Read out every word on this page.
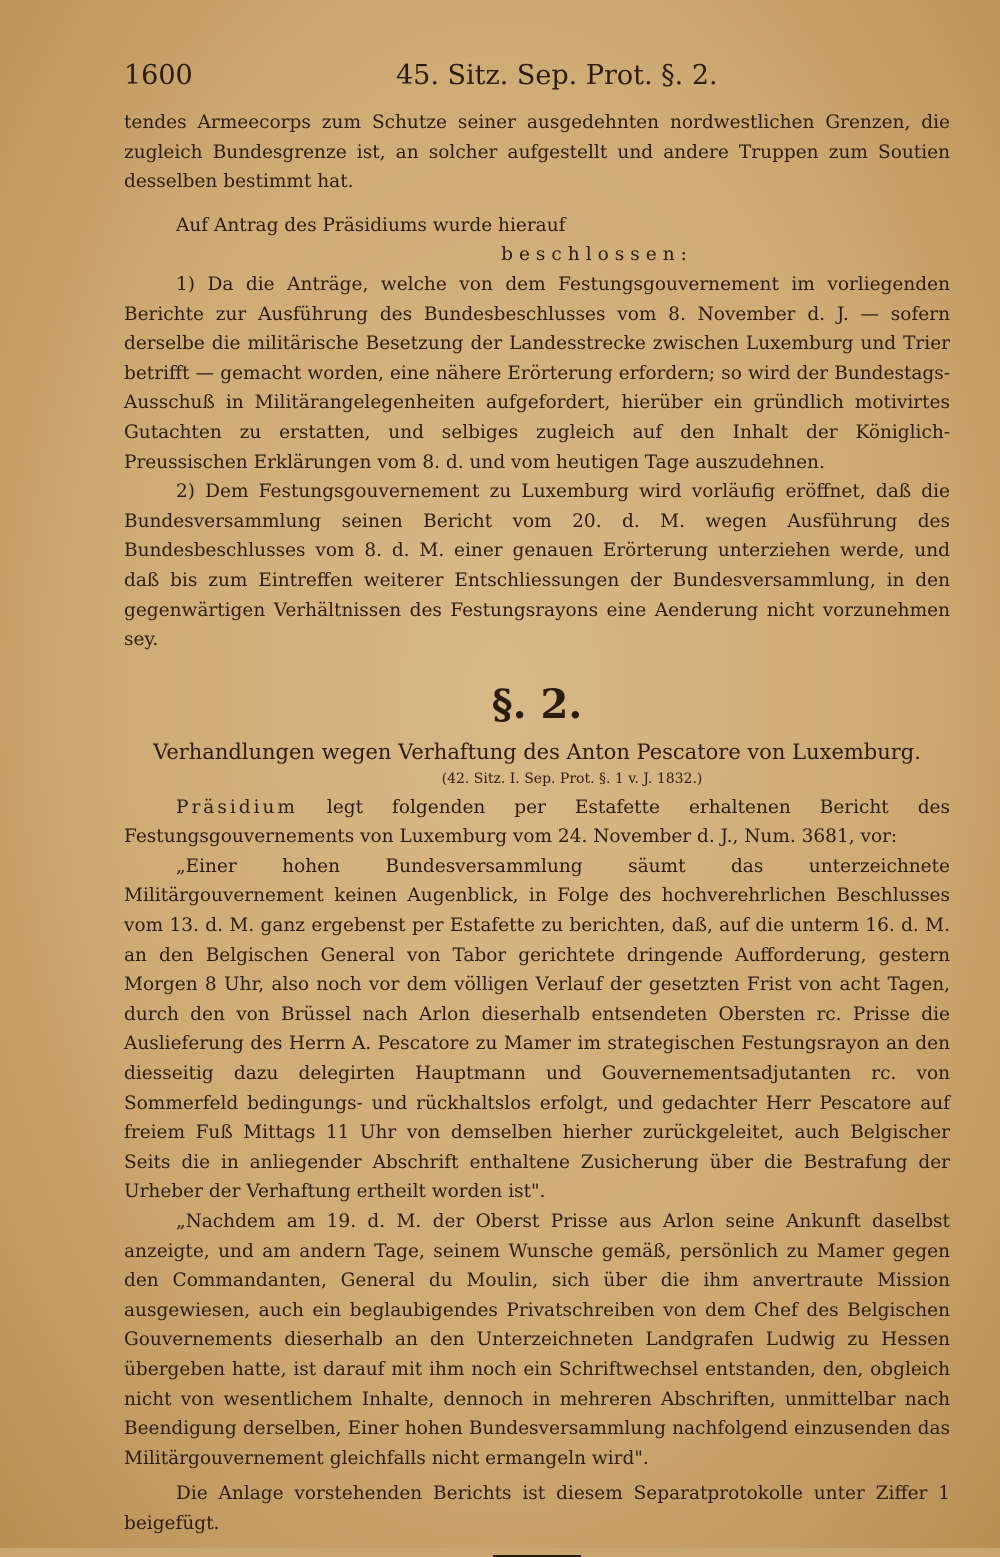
1600	45. Sitz. Sep. Prot. §. 2.

tendes Armeecorps zum Schutze seiner ausgedehnten nordwestlichen Grenzen, die zugleich Bundesgrenze ist, an solcher aufgestellt und andere Truppen zum Soutien desselben bestimmt hat.

Auf Antrag des Präsidiums wurde hierauf

beschlossen:

1) Da die Anträge, welche von dem Festungsgouvernement im vorliegenden Berichte zur Ausführung des Bundesbeschlusses vom 8. November d. J. — sofern derselbe die militärische Besetzung der Landesstrecke zwischen Luxemburg und Trier betrifft — gemacht worden, eine nähere Erörterung erfordern; so wird der Bundestags-Ausschuß in Militärangelegenheiten aufgefordert, hierüber ein gründlich motivirtes Gutachten zu erstatten, und selbiges zugleich auf den Inhalt der Königlich-Preussischen Erklärungen vom 8. d. und vom heutigen Tage auszudehnen.

2) Dem Festungsgouvernement zu Luxemburg wird vorläufig eröffnet, daß die Bundesversammlung seinen Bericht vom 20. d. M. wegen Ausführung des Bundesbeschlusses vom 8. d. M. einer genauen Erörterung unterziehen werde, und daß bis zum Eintreffen weiterer Entschliessungen der Bundesversammlung, in den gegenwärtigen Verhältnissen des Festungsrayons eine Aenderung nicht vorzunehmen sey.

§. 2.
Verhandlungen wegen Verhaftung des Anton Pescatore von Luxemburg.
(42. Sitz. I. Sep. Prot. §. 1 v. J. 1832.)

Präsidium legt folgenden per Estafette erhaltenen Bericht des Festungsgouvernements von Luxemburg vom 24. November d. J., Num. 3681, vor:

„Einer hohen Bundesversammlung säumt das unterzeichnete Militärgouvernement keinen Augenblick, in Folge des hochverehrlichen Beschlusses vom 13. d. M. ganz ergebenst per Estafette zu berichten, daß, auf die unterm 16. d. M. an den Belgischen General von Tabor gerichtete dringende Aufforderung, gestern Morgen 8 Uhr, also noch vor dem völligen Verlauf der gesetzten Frist von acht Tagen, durch den von Brüssel nach Arlon dieserhalb entsendeten Obersten rc. Prisse die Auslieferung des Herrn A. Pescatore zu Mamer im strategischen Festungsrayon an den diesseitig dazu delegirten Hauptmann und Gouvernementsadjutanten rc. von Sommerfeld bedingungs- und rückhaltslos erfolgt, und gedachter Herr Pescatore auf freiem Fuß Mittags 11 Uhr von demselben hierher zurückgeleitet, auch Belgischer Seits die in anliegender Abschrift enthaltene Zusicherung über die Bestrafung der Urheber der Verhaftung ertheilt worden ist".

„Nachdem am 19. d. M. der Oberst Prisse aus Arlon seine Ankunft daselbst anzeigte, und am andern Tage, seinem Wunsche gemäß, persönlich zu Mamer gegen den Commandanten, General du Moulin, sich über die ihm anvertraute Mission ausgewiesen, auch ein beglaubigendes Privatschreiben von dem Chef des Belgischen Gouvernements dieserhalb an den Unterzeichneten Landgrafen Ludwig zu Hessen übergeben hatte, ist darauf mit ihm noch ein Schriftwechsel entstanden, den, obgleich nicht von wesentlichem Inhalte, dennoch in mehreren Abschriften, unmittelbar nach Beendigung derselben, Einer hohen Bundesversammlung nachfolgend einzusenden das Militärgouvernement gleichfalls nicht ermangeln wird".

Die Anlage vorstehenden Berichts ist diesem Separatprotokolle unter Ziffer 1 beigefügt.
